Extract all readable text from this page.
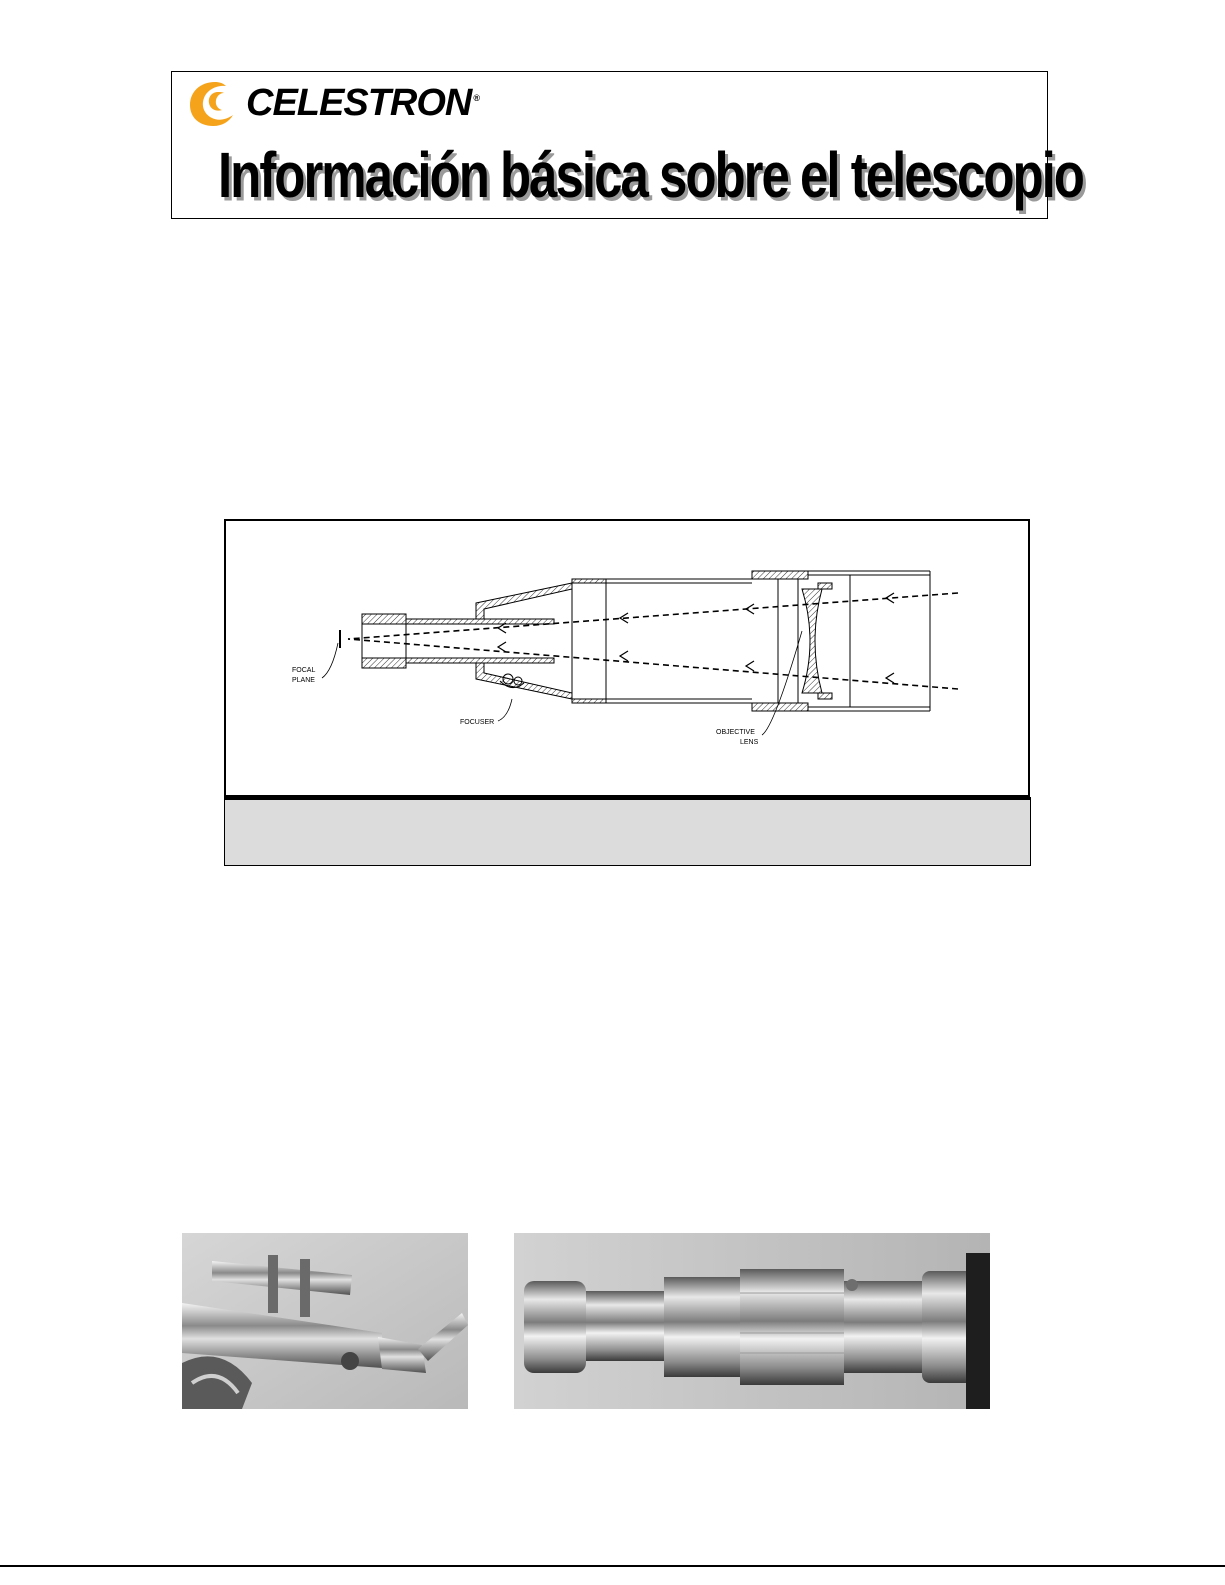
CELESTRON ®
Información básica sobre el telescopio
FOCAL
PLANE
FOCUSER
OBJECTIVE
LENS
